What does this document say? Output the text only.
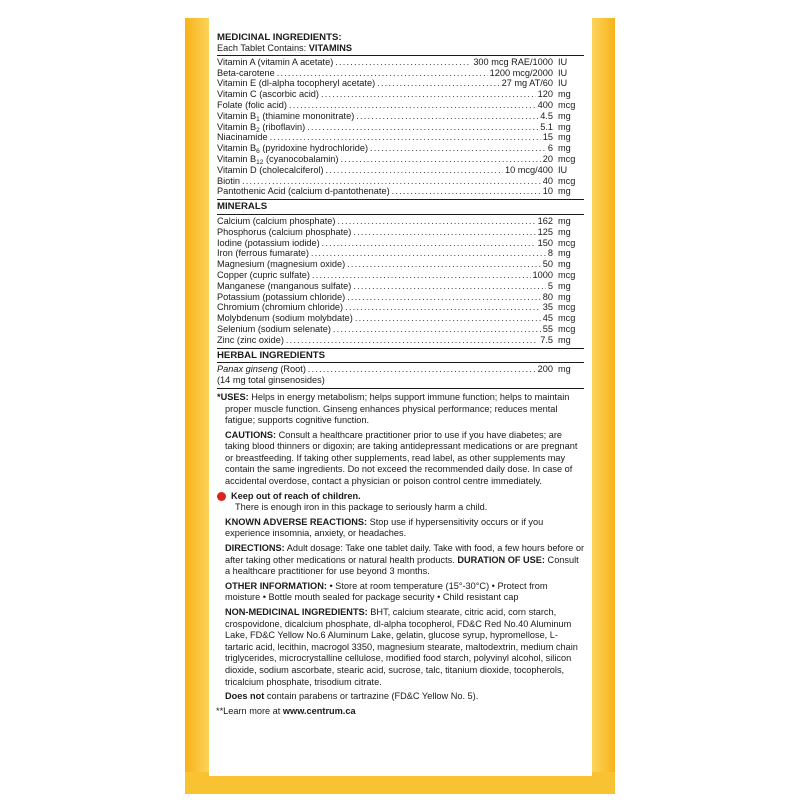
MEDICINAL INGREDIENTS:
Each Tablet Contains: VITAMINS
Vitamin A (vitamin A acetate) .....	300 mcg RAE/1000 IU
Beta-carotene .....	1200 mcg/2000 IU
Vitamin E (dl-alpha tocopheryl acetate) .....	27 mg AT/60 IU
Vitamin C (ascorbic acid) .....	120 mg
Folate (folic acid) .....	400 mcg
Vitamin $B_1$ (thiamine mononitrate) .....	4.5 mg
Vitamin $B_2$ (riboflavin) .....	5.1 mg
Niacinamide .....	15 mg
Vitamin $B_6$ (pyridoxine hydrochloride) .....	6 mg
Vitamin $B_{12}$ (cyanocobalamin) .....	20 mcg
Vitamin D (cholecalciferol) .....	10 mcg/400 IU
Biotin .....	40 mcg
Pantothenic Acid (calcium d-pantothenate) .....	10 mg
MINERALS
Calcium (calcium phosphate) .....	162 mg
Phosphorus (calcium phosphate) .....	125 mg
Iodine (potassium iodide) .....	150 mcg
Iron (ferrous fumarate) .....	8 mg
Magnesium (magnesium oxide) .....	50 mg
Copper (cupric sulfate) .....	1000 mcg
Manganese (manganous sulfate) .....	5 mg
Potassium (potassium chloride) .....	80 mg
Chromium (chromium chloride) .....	35 mcg
Molybdenum (sodium molybdate) .....	45 mcg
Selenium (sodium selenate) .....	55 mcg
Zinc (zinc oxide) .....	7.5 mg
HERBAL INGREDIENTS
Panax ginseng (Root) .....	200 mg
(14 mg total ginsenosides)

*USES: Helps in energy metabolism; helps support immune function; helps to maintain proper muscle function. Ginseng enhances physical performance; reduces mental fatigue; supports cognitive function.

CAUTIONS: Consult a healthcare practitioner prior to use if you have diabetes; are taking blood thinners or digoxin; are taking antidepressant medications or are pregnant or breastfeeding. If taking other supplements, read label, as other supplements may contain the same ingredients. Do not exceed the recommended daily dose. In case of accidental overdose, contact a physician or poison control centre immediately.

Keep out of reach of children.

There is enough iron in this package to seriously harm a child.

KNOWN ADVERSE REACTIONS: Stop use if hypersensitivity occurs or if you experience insomnia, anxiety, or headaches.

DIRECTIONS: Adult dosage: Take one tablet daily. Take with food, a few hours before or after taking other medications or natural health products. DURATION OF USE: Consult a healthcare practitioner for use beyond 3 months.

OTHER INFORMATION: • Store at room temperature (15°-30°C) • Protect from moisture • Bottle mouth sealed for package security • Child resistant cap

NON-MEDICINAL INGREDIENTS: BHT, calcium stearate, citric acid, corn starch, crospovidone, dicalcium phosphate, dl-alpha tocopherol, FD&C Red No.40 Aluminum Lake, FD&C Yellow No.6 Aluminum Lake, gelatin, glucose syrup, hypromellose, L-tartaric acid, lecithin, macrogol 3350, magnesium stearate, maltodextrin, medium chain triglycerides, microcrystalline cellulose, modified food starch, polyvinyl alcohol, silicon dioxide, sodium ascorbate, stearic acid, sucrose, talc, titanium dioxide, tocopherols, tricalcium phosphate, trisodium citrate.

Does not contain parabens or tartrazine (FD&C Yellow No. 5).

**Learn more at www.centrum.ca
